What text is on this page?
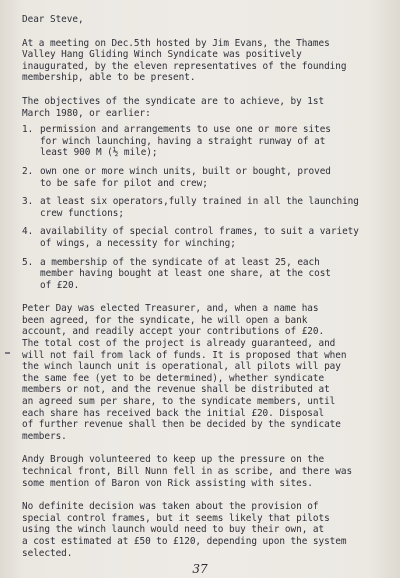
Dear Steve,

At a meeting on Dec.5th hosted by Jim Evans, the Thames
Valley Hang Gliding Winch Syndicate was positively
inaugurated, by the eleven representatives of the founding
membership, able to be present.

The objectives of the syndicate are to achieve, by 1st
March 1980, or earlier:

1. permission and arrangements to use one or more sites
for winch launching, having a straight runway of at
least 900 M (½ mile);
2. own one or more winch units, built or bought, proved
to be safe for pilot and crew;
3. at least six operators,fully trained in all the launching
crew functions;
4. availability of special control frames, to suit a variety
of wings, a necessity for winching;
5. a membership of the syndicate of at least 25, each
member having bought at least one share, at the cost
of £20.

Peter Day was elected Treasurer, and, when a name has
been agreed, for the syndicate, he will open a bank
account, and readily accept your contributions of £20.
The total cost of the project is already guaranteed, and
will not fail from lack of funds. It is proposed that when
the winch launch unit is operational, all pilots will pay
the same fee (yet to be determined), whether syndicate
members or not, and the revenue shall be distributed at
an agreed sum per share, to the syndicate members, until
each share has received back the initial £20. Disposal
of further revenue shall then be decided by the syndicate
members.

Andy Brough volunteered to keep up the pressure on the
technical front, Bill Nunn fell in as scribe, and there was
some mention of Baron von Rick assisting with sites.

No definite decision was taken about the provision of
special control frames, but it seems likely that pilots
using the winch launch would need to buy their own, at
a cost estimated at £50 to £120, depending upon the system
selected.

37
